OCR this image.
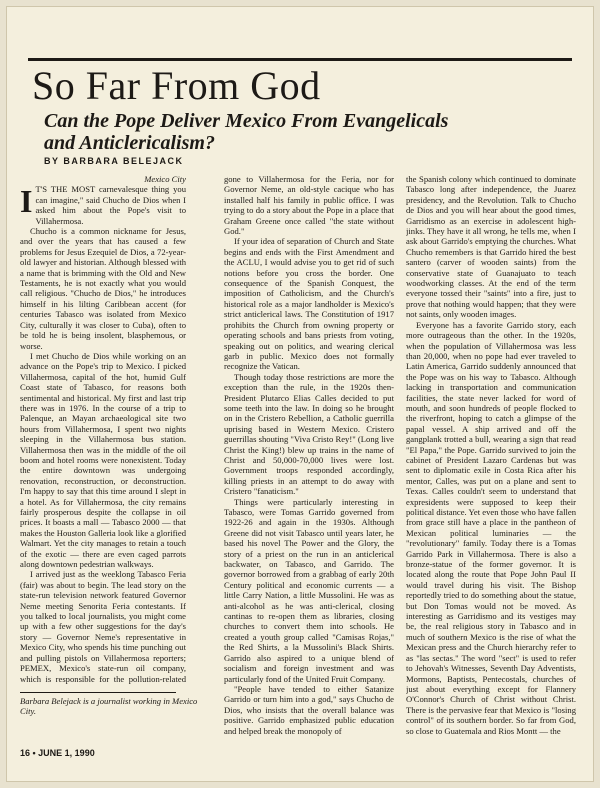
So Far From God
Can the Pope Deliver Mexico From Evangelicals and Anticlericalism?
BY BARBARA BELEJACK

Mexico City

I T'S THE MOST carnevalesque thing you can imagine," said Chucho de Dios when I asked him about the Pope's visit to Villahermosa.

Chucho is a common nickname for Jesus, and over the years that has caused a few problems for Jesus Ezequiel de Dios, a 72-year-old lawyer and historian. Although blessed with a name that is brimming with the Old and New Testaments, he is not exactly what you would call religious. "Chucho de Dios," he introduces himself in his lilting Caribbean accent (for centuries Tabasco was isolated from Mexico City, culturally it was closer to Cuba), often to be told he is being insolent, blasphemous, or worse.

I met Chucho de Dios while working on an advance on the Pope's trip to Mexico. I picked Villahermosa, capital of the hot, humid Gulf Coast state of Tabasco, for reasons both sentimental and historical. My first and last trip there was in 1976. In the course of a trip to Palenque, an Mayan archaeological site two hours from Villahermosa, I spent two nights sleeping in the Villahermosa bus station. Villahermosa then was in the middle of the oil boom and hotel rooms were nonexistent. Today the entire downtown was undergoing renovation, reconstruction, or deconstruction. I'm happy to say that this time around I slept in a hotel. As for Villahermosa, the city remains fairly prosperous despite the collapse in oil prices. It boasts a mall — Tabasco 2000 — that makes the Houston Galleria look like a glorified Walmart. Yet the city manages to retain a touch of the exotic — there are even caged parrots along downtown pedestrian walkways.

I arrived just as the weeklong Tabasco Feria (fair) was about to begin. The lead story on the state-run television network featured Governor Neme meeting Senorita Feria contestants. If you talked to local journalists, you might come up with a few other suggestions for the day's story — Governor Neme's representative in Mexico City, who spends his time punching out and pulling pistols on Villahermosa reporters; PEMEX, Mexico's state-run oil company, which is responsible for the pollution-related

gone to Villahermosa for the Feria, nor for Governor Neme, an old-style cacique who has installed half his family in public office. I was trying to do a story about the Pope in a place that Graham Greene once called "the state without God."

If your idea of separation of Church and State begins and ends with the First Amendment and the ACLU, I would advise you to get rid of such notions before you cross the border. One consequence of the Spanish Conquest, the imposition of Catholicism, and the Church's historical role as a major landholder is Mexico's strict anticlerical laws. The Constitution of 1917 prohibits the Church from owning property or operating schools and bans priests from voting, speaking out on politics, and wearing clerical garb in public. Mexico does not formally recognize the Vatican.

Though today those restrictions are more the exception than the rule, in the 1920s then-President Plutarco Elias Calles decided to put some teeth into the law. In doing so he brought on in the Cristero Rebellion, a Catholic guerrilla uprising based in Western Mexico. Cristero guerrillas shouting "Viva Cristo Rey!" (Long live Christ the King!) blew up trains in the name of Christ and 50,000-70,000 lives were lost. Government troops responded accordingly, killing priests in an attempt to do away with Cristero "fanaticism."

Things were particularly interesting in Tabasco, were Tomas Garrido governed from 1922-26 and again in the 1930s. Although Greene did not visit Tabasco until years later, he based his novel The Power and the Glory, the story of a priest on the run in an anticlerical backwater, on Tabasco, and Garrido. The governor borrowed from a grabbag of early 20th Century political and economic currents — a little Carry Nation, a little Mussolini. He was as anti-alcohol as he was anti-clerical, closing cantinas to re-open them as libraries, closing churches to convert them into schools. He created a youth group called "Camisas Rojas," the Red Shirts, a la Mussolini's Black Shirts. Garrido also aspired to a unique blend of socialism and foreign investment and was particularly fond of the United Fruit Company.

"People have tended to either Satanize Garrido or turn him into a god," says Chucho de Dios, who insists that the overall balance was positive. Garrido emphasized public education and helped break the monopoly of

the Spanish colony which continued to dominate Tabasco long after independence, the Juarez presidency, and the Revolution. Talk to Chucho de Dios and you will hear about the good times, Garridismo as an exercise in adolescent high-jinks. They have it all wrong, he tells me, when I ask about Garrido's emptying the churches. What Chucho remembers is that Garrido hired the best santero (carver of wooden saints) from the conservative state of Guanajuato to teach woodworking classes. At the end of the term everyone tossed their "saints" into a fire, just to prove that nothing would happen; that they were not saints, only wooden images.

Everyone has a favorite Garrido story, each more outrageous than the other. In the 1920s, when the population of Villahermosa was less than 20,000, when no pope had ever traveled to Latin America, Garrido suddenly announced that the Pope was on his way to Tabasco. Although lacking in transportation and communication facilities, the state never lacked for word of mouth, and soon hundreds of people flocked to the riverfront, hoping to catch a glimpse of the papal vessel. A ship arrived and off the gangplank trotted a bull, wearing a sign that read "El Papa," the Pope. Garrido survived to join the cabinet of President Lazaro Cardenas but was sent to diplomatic exile in Costa Rica after his mentor, Calles, was put on a plane and sent to Texas. Calles couldn't seem to understand that expresidents were supposed to keep their political distance. Yet even those who have fallen from grace still have a place in the pantheon of Mexican political luminaries — the "revolutionary" family. Today there is a Tomas Garrido Park in Villahermosa. There is also a bronze-statue of the former governor. It is located along the route that Pope John Paul II would travel during his visit. The Bishop reportedly tried to do something about the statue, but Don Tomas would not be moved. As interesting as Garridismo and its vestiges may be, the real religious story in Tabasco and in much of southern Mexico is the rise of what the Mexican press and the Church hierarchy refer to as "las sectas." The word "sect" is used to refer to Jehovah's Witnesses, Seventh Day Adventists, Mormons, Baptists, Pentecostals, churches of just about everything except for Flannery O'Connor's Church of Christ without Christ. There is the pervasive fear that Mexico is "losing control" of its southern border. So far from God, so close to Guatemala and Rios Montt — the

Barbara Belejack is a journalist working in Mexico City.
16 • JUNE 1, 1990
